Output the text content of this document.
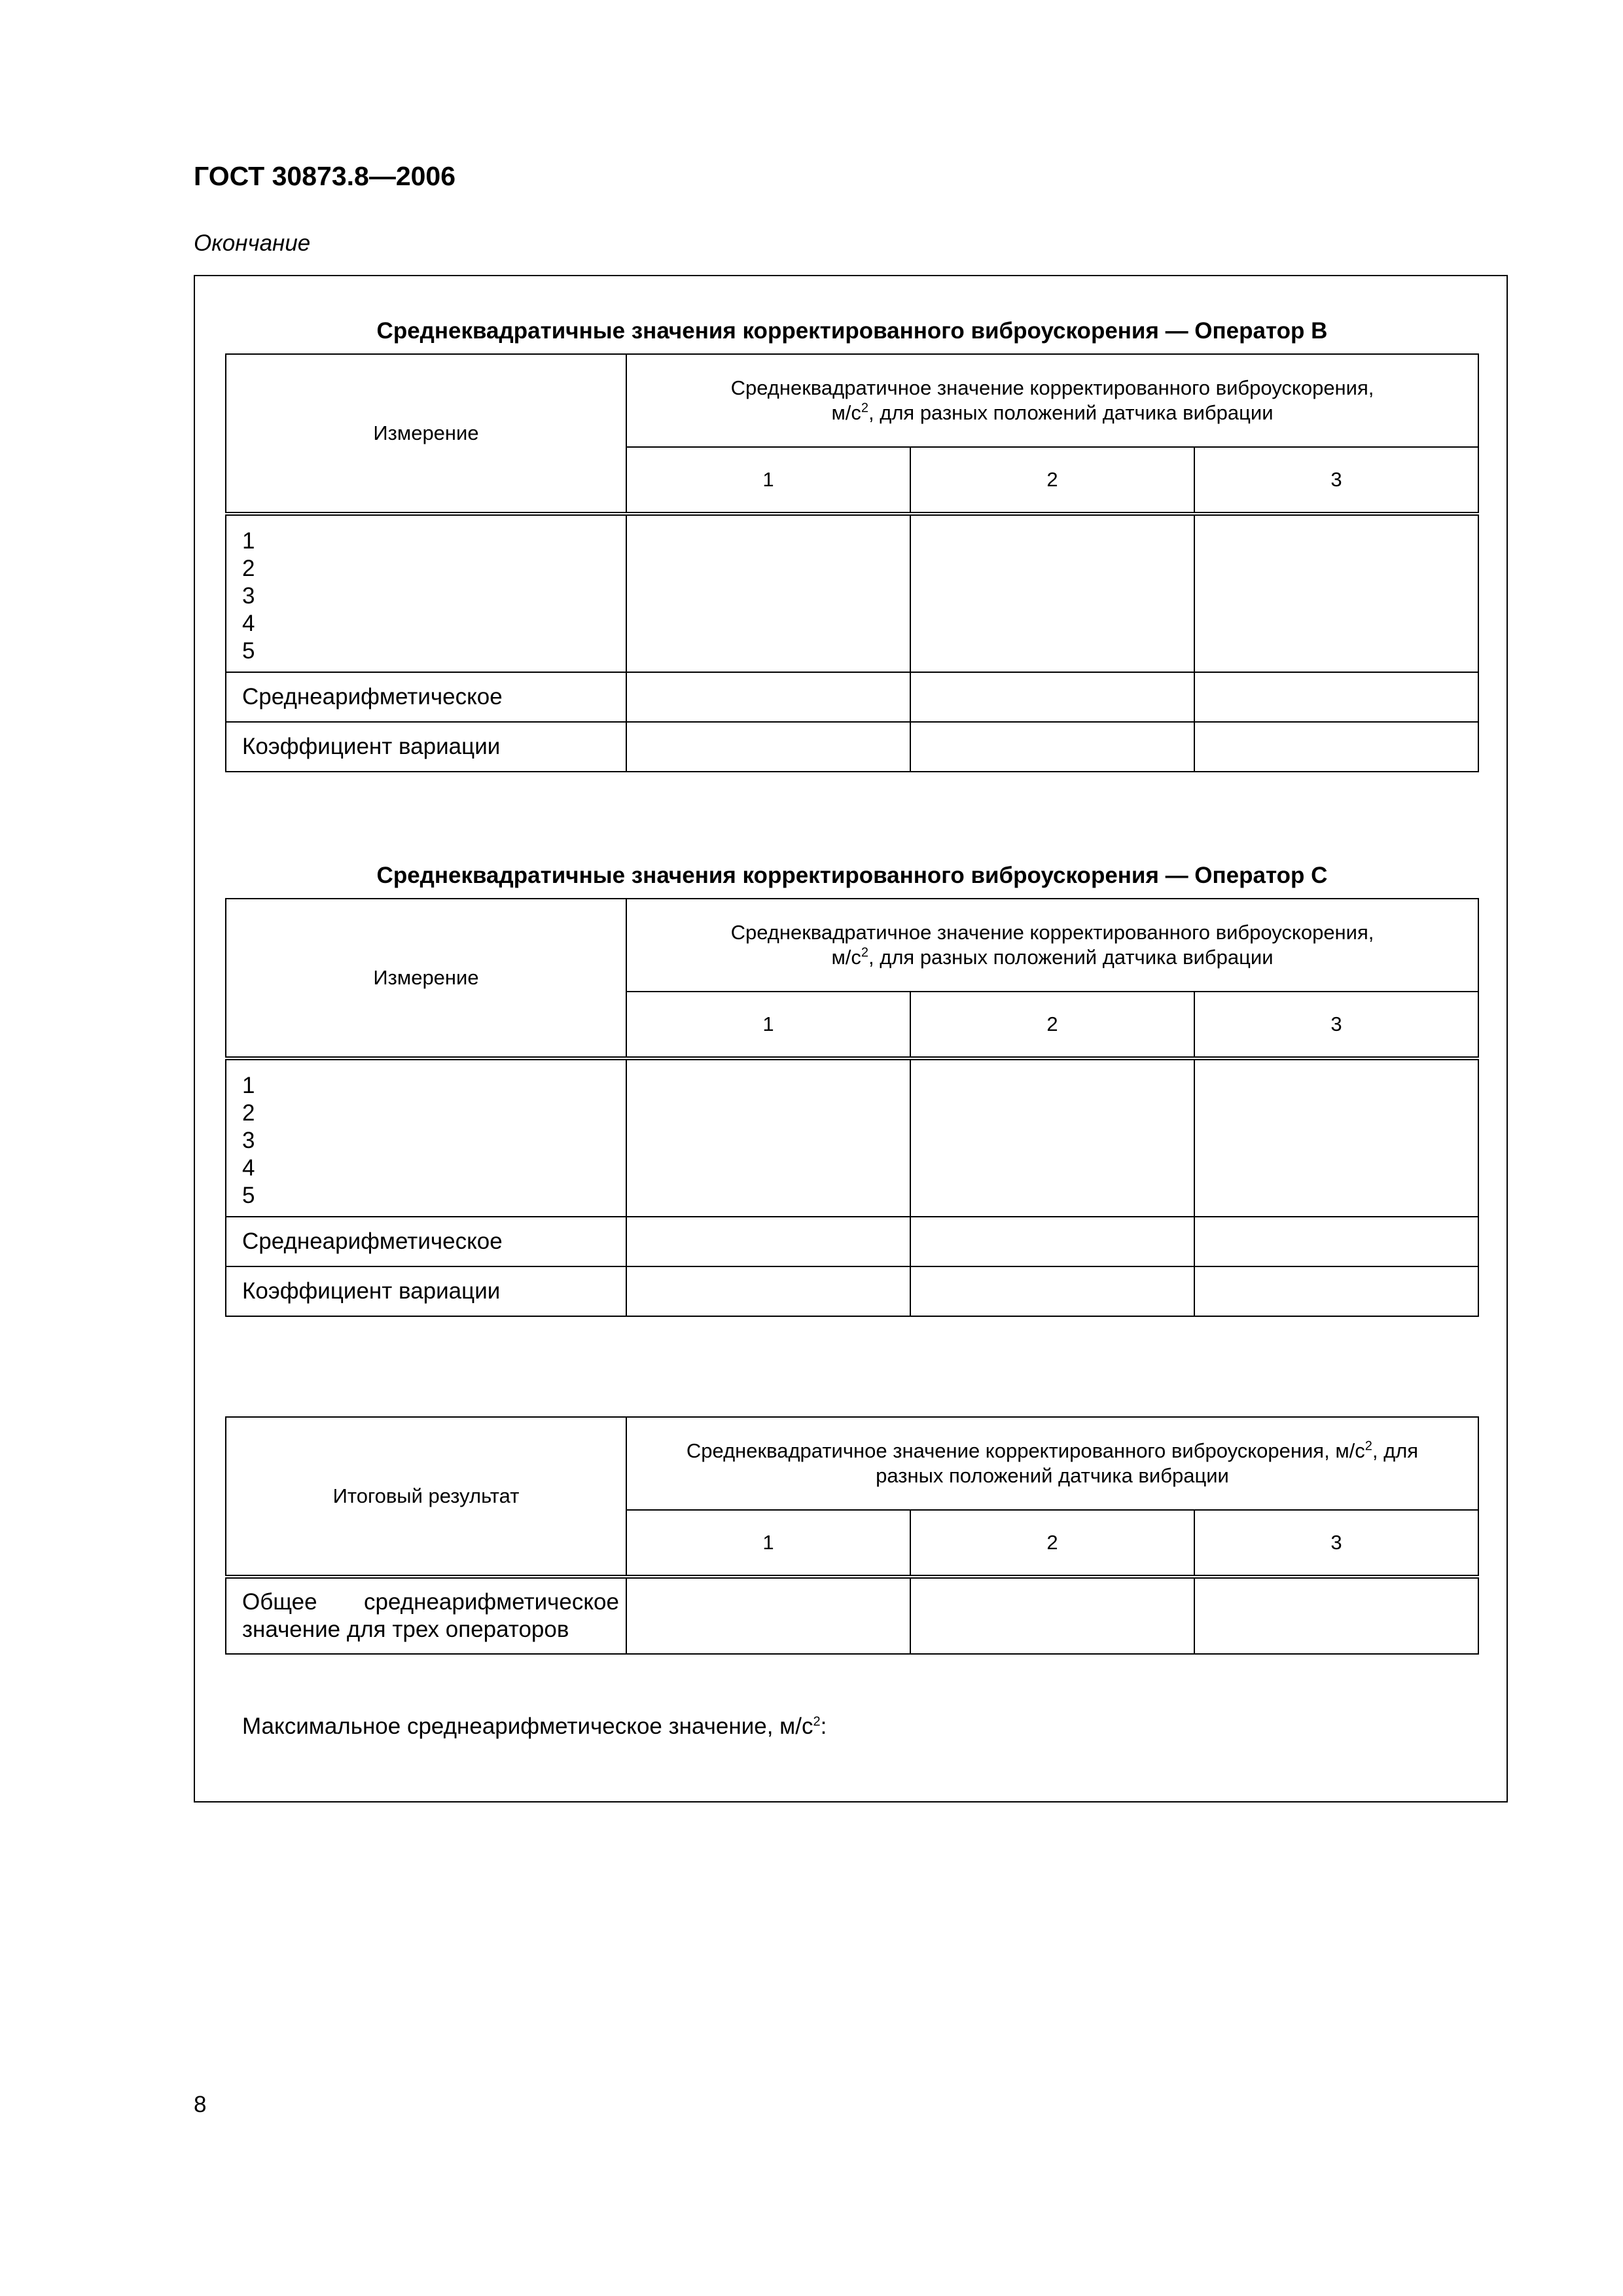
ГОСТ 30873.8—2006
Окончание
Среднеквадратичные значения корректированного виброускорения — Оператор B
Измерение	Среднеквадратичное значение корректированного виброускорения,
$м/с^2$, для разных положений датчика вибрации		
	1	2	3

1
2
3
4
5			

Среднеарифметическое			
Коэффициент вариации			
Среднеквадратичные значения корректированного виброускорения — Оператор C
Измерение	Среднеквадратичное значение корректированного виброускорения,
$м/с^2$, для разных положений датчика вибрации		
	1	2	3

1
2
3
4
5			

Среднеарифметическое			
Коэффициент вариации			
Итоговый результат	Среднеквадратичное значение корректированного виброускорения, $м/с^2$, для
разных положений датчика вибрации		
	1	2	3

Общее среднеарифметическое
значение для трех операторов			
Максимальное среднеарифметическое значение, $м/с^2$:
8
